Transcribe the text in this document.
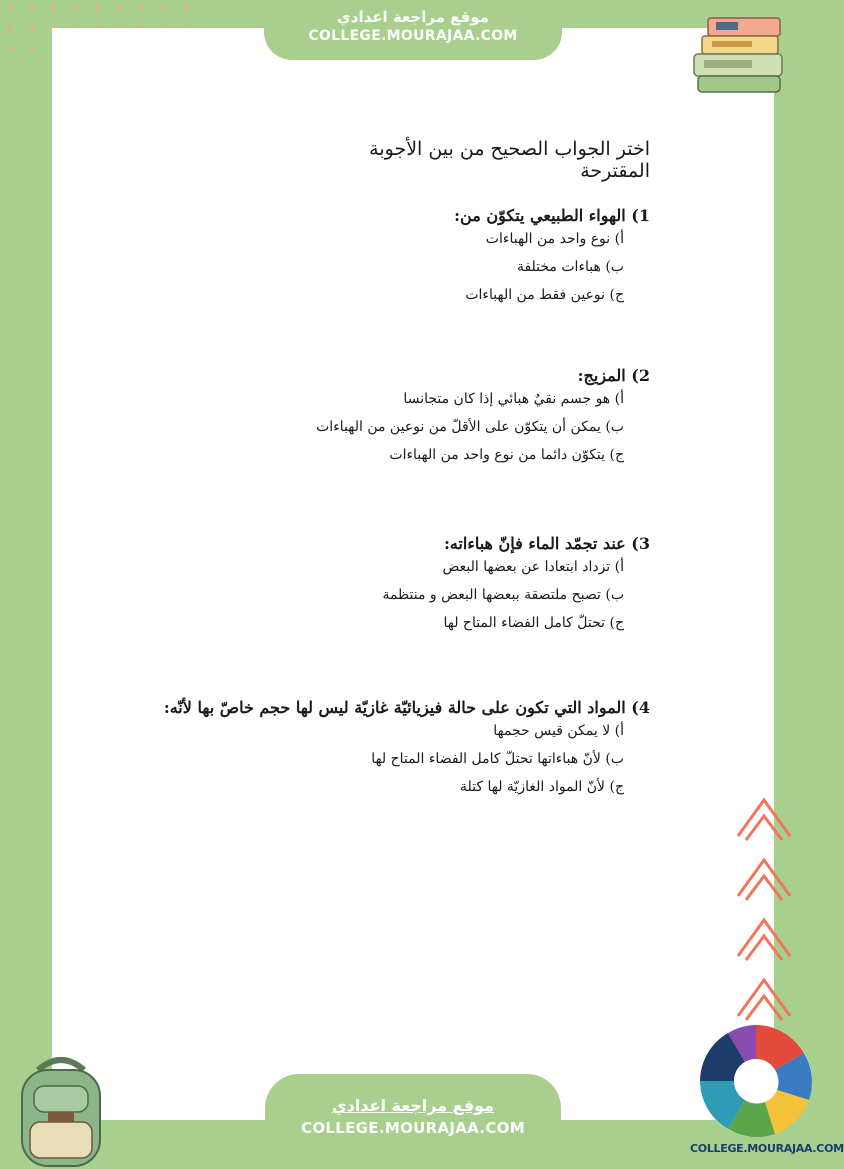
موقع مراجعة اعدادي
COLLEGE.MOURAJAA.COM
اختر الجواب الصحيح من بين الأجوبة المقترحة
1) الهواء الطبيعي يتكوّن من:
أ) نوع واحد من الهباءات
ب) هباءات مختلفة
ج) نوعين فقط من الهباءات
2) المزيج:
أ) هو جسم نقيٌ هبائي إذا كان متجانسا
ب) يمكن أن يتكوّن على الأقلّ من نوعين من الهباءات
ج) يتكوّن دائما من نوع واحد من الهباءات
3) عند تجمّد الماء فإنّ هباءاته:
أ) تزداد ابتعادا عن بعضها البعض
ب) تصبح ملتصقة ببعضها البعض و منتظمة
ج) تحتلّ كامل الفضاء المتاح لها
4) المواد التي تكون على حالة فيزيائيّة غازيّة ليس لها حجم خاصّ بها لأنّه:
أ) لا يمكن قيس حجمها
ب) لأنّ هباءاتها تحتلّ كامل الفضاء المتاح لها
ج) لأنّ المواد الغازيّة لها كتلة
موقع مراجعة اعدادي
COLLEGE.MOURAJAA.COM
COLLEGE.MOURAJAA.COM
